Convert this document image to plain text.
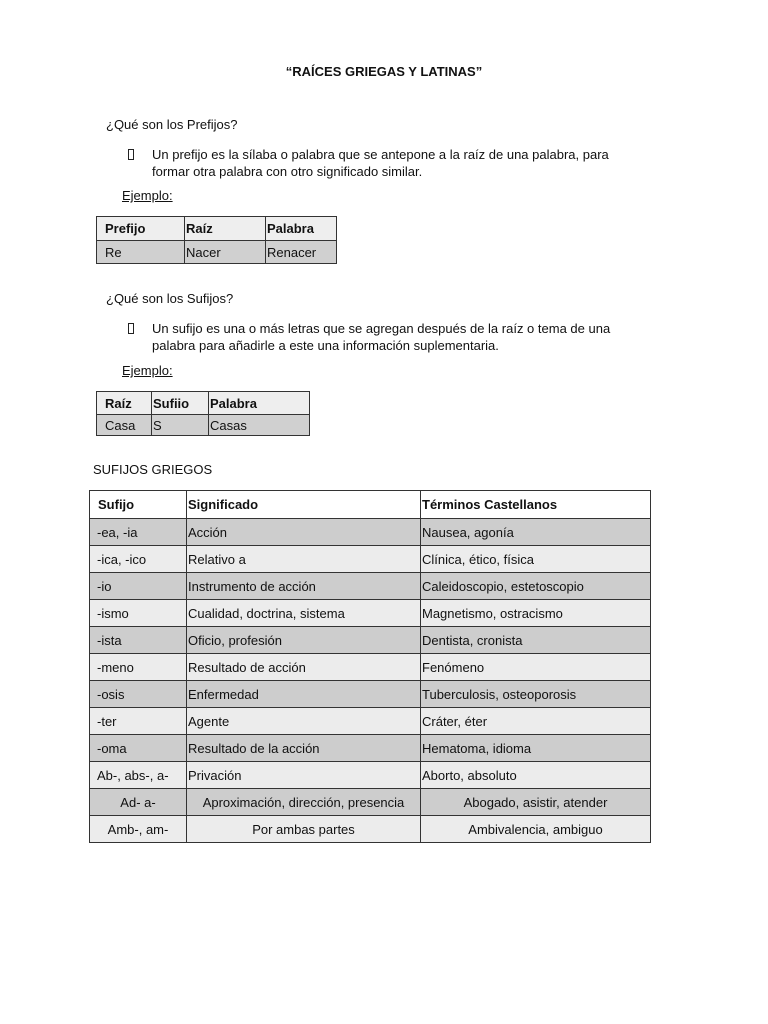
“RAÍCES GRIEGAS Y LATINAS”
¿Qué son los Prefijos?
Un prefijo es la sílaba o palabra que se antepone a la raíz de una palabra, para
formar otra palabra con otro significado similar.
Ejemplo:
Prefijo	Raíz	Palabra
Re	Nacer	Renacer
¿Qué son los Sufijos?
Un sufijo es una o más letras que se agregan después de la raíz o tema de una
palabra para añadirle a este una información suplementaria.
Ejemplo:
Raíz	Sufiio	Palabra
Casa	S	Casas
SUFIJOS GRIEGOS
Sufijo	Significado	Términos Castellanos
-ea, -ia	Acción	Nausea, agonía
-ica, -ico	Relativo a	Clínica, ético, física
-io	Instrumento de acción	Caleidoscopio, estetoscopio
-ismo	Cualidad, doctrina, sistema	Magnetismo, ostracismo
-ista	Oficio, profesión	Dentista, cronista
-meno	Resultado de acción	Fenómeno
-osis	Enfermedad	Tuberculosis, osteoporosis
-ter	Agente	Cráter, éter
-oma	Resultado de la acción	Hematoma, idioma
Ab-, abs-, a-	Privación	Aborto, absoluto
Ad- a-	Aproximación, dirección, presencia	Abogado, asistir, atender
Amb-, am-	Por ambas partes	Ambivalencia, ambiguo
